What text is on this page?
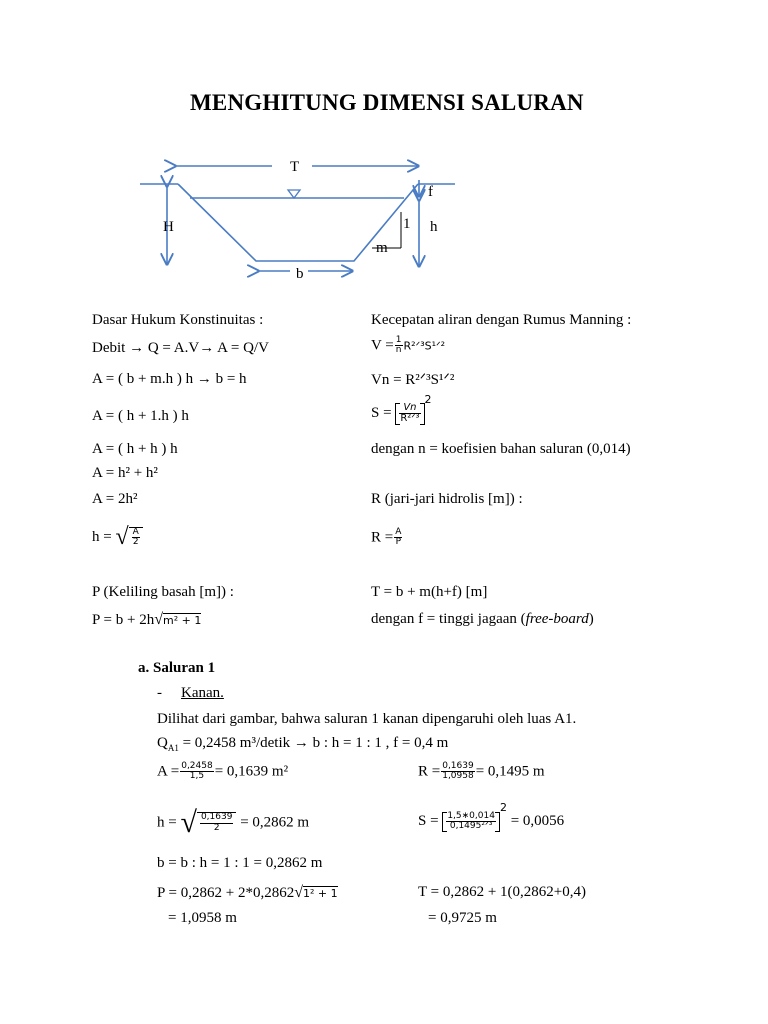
MENGHITUNG DIMENSI SALURAN
T
H
f
1 h
m
b
Dasar Hukum Konstinuitas :
Debit → Q = A.V→ A = Q/V
A = ( b + m.h ) h → b = h
A = ( h + 1.h ) h
A = ( h + h ) h
A = h² + h²
A = 2h²
h = √ $\frac{A}{2}$
P (Keliling basah [m]) :
P = b + 2h√m² + 1
Kecepatan aliran dengan Rumus Manning :
$V = \frac{1}{n}$ R²ᐟ³S¹ᐟ²
Vn = R²ᐟ³S¹ᐟ²
$S = \frac{Vn}{\text{R²ᐟ³}}$
$^2$
dengan n = koefisien bahan saluran (0,014)
R (jari-jari hidrolis [m]) :
$R = \frac{A}{P}$
T = b + m(h+f) [m]
dengan f = tinggi jagaan (free-board)
a. Saluran 1
- Kanan.
Dilihat dari gambar, bahwa saluran 1 kanan dipengaruhi oleh luas A1.
$Q_{A1} = 0,2458$ m³/detik → b : h = 1 : 1 , f = 0,4 m
$A = \frac{0,2458}{1,5} = 0,1639$ m²	$R = \frac{0,1639}{1,0958} = 0,1495$ m
h = √ $\frac{0,1639}{2} = 0,2862$ m	$S = \frac{1,5∗0,014}{\text{0,1495²ᐟ³}}$
$^2$ = 0,0056
b = b : h = 1 : 1 = 0,2862 m
P = 0,2862 + 2*0,2862√1² + 1
= 1,0958 m
T = 0,2862 + 1(0,2862+0,4)
= 0,9725 m
